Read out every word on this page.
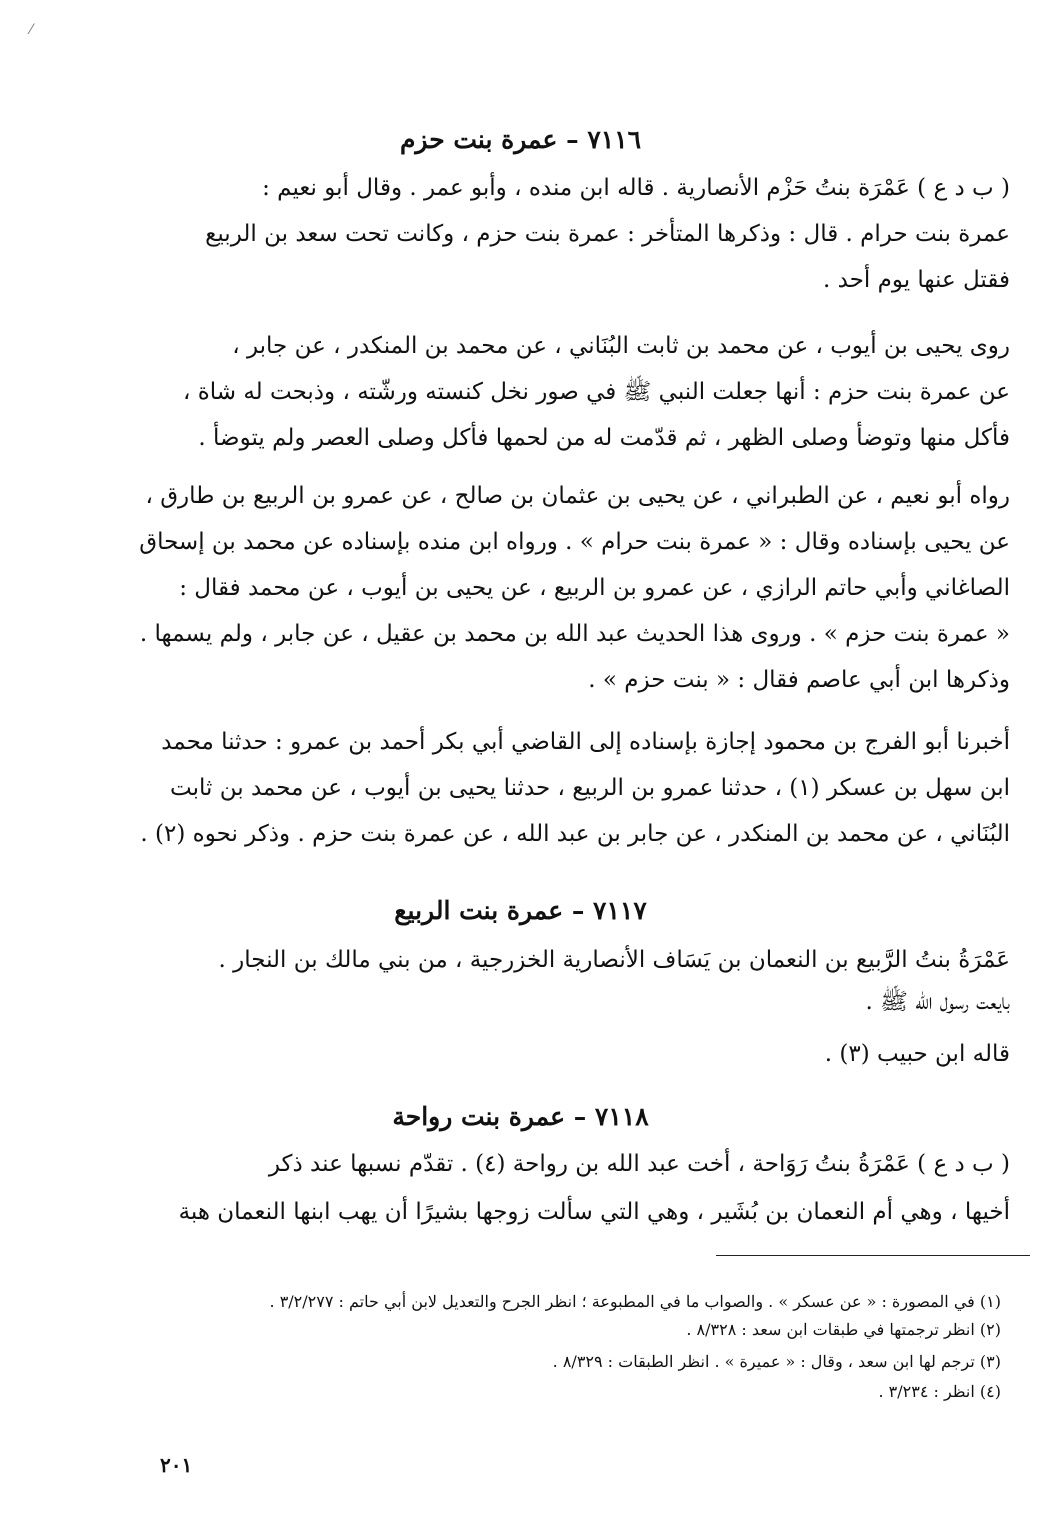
⁄
٧١١٦ – عمرة بنت حزم
( ب د ع ) عَمْرَة بنتُ حَزْم الأنصارية . قاله ابن منده ، وأبو عمر . وقال أبو نعيم :
عمرة بنت حرام . قال : وذكرها المتأخر : عمرة بنت حزم ، وكانت تحت سعد بن الربيع
فقتل عنها يوم أحد .
روى يحيى بن أيوب ، عن محمد بن ثابت البُنَاني ، عن محمد بن المنكدر ، عن جابر ،
عن عمرة بنت حزم : أنها جعلت النبي ﷺ في صور نخل كنسته ورشّته ، وذبحت له شاة ،
فأكل منها وتوضأ وصلى الظهر ، ثم قدّمت له من لحمها فأكل وصلى العصر ولم يتوضأ .
رواه أبو نعيم ، عن الطبراني ، عن يحيى بن عثمان بن صالح ، عن عمرو بن الربيع بن طارق ،
عن يحيى بإسناده وقال : « عمرة بنت حرام » . ورواه ابن منده بإسناده عن محمد بن إسحاق
الصاغاني وأبي حاتم الرازي ، عن عمرو بن الربيع ، عن يحيى بن أيوب ، عن محمد فقال :
« عمرة بنت حزم » . وروى هذا الحديث عبد الله بن محمد بن عقيل ، عن جابر ، ولم يسمها .
وذكرها ابن أبي عاصم فقال : « بنت حزم » .
أخبرنا أبو الفرج بن محمود إجازة بإسناده إلى القاضي أبي بكر أحمد بن عمرو : حدثنا محمد
ابن سهل بن عسكر (١) ، حدثنا عمرو بن الربيع ، حدثنا يحيى بن أيوب ، عن محمد بن ثابت
البُنَاني ، عن محمد بن المنكدر ، عن جابر بن عبد الله ، عن عمرة بنت حزم . وذكر نحوه (٢) .
٧١١٧ – عمرة بنت الربيع
عَمْرَةُ بنتُ الرَّبيع بن النعمان بن يَسَاف الأنصارية الخزرجية ، من بني مالك بن النجار .
بايعت رسول الله ﷺ .
قاله ابن حبيب (٣) .
٧١١٨ – عمرة بنت رواحة
( ب د ع ) عَمْرَةُ بنتُ رَوَاحة ، أخت عبد الله بن رواحة (٤) . تقدّم نسبها عند ذكر
أخيها ، وهي أم النعمان بن بُشَير ، وهي التي سألت زوجها بشيرًا أن يهب ابنها النعمان هبة
(١) في المصورة : « عن عسكر » . والصواب ما في المطبوعة ؛ انظر الجرح والتعديل لابن أبي حاتم : ٣/٢/٢٧٧ .
(٢) انظر ترجمتها في طبقات ابن سعد : ٨/٣٢٨ .
(٣) ترجم لها ابن سعد ، وقال : « عميرة » . انظر الطبقات : ٨/٣٢٩ .
(٤) انظر : ٣/٢٣٤ .
٢٠١
